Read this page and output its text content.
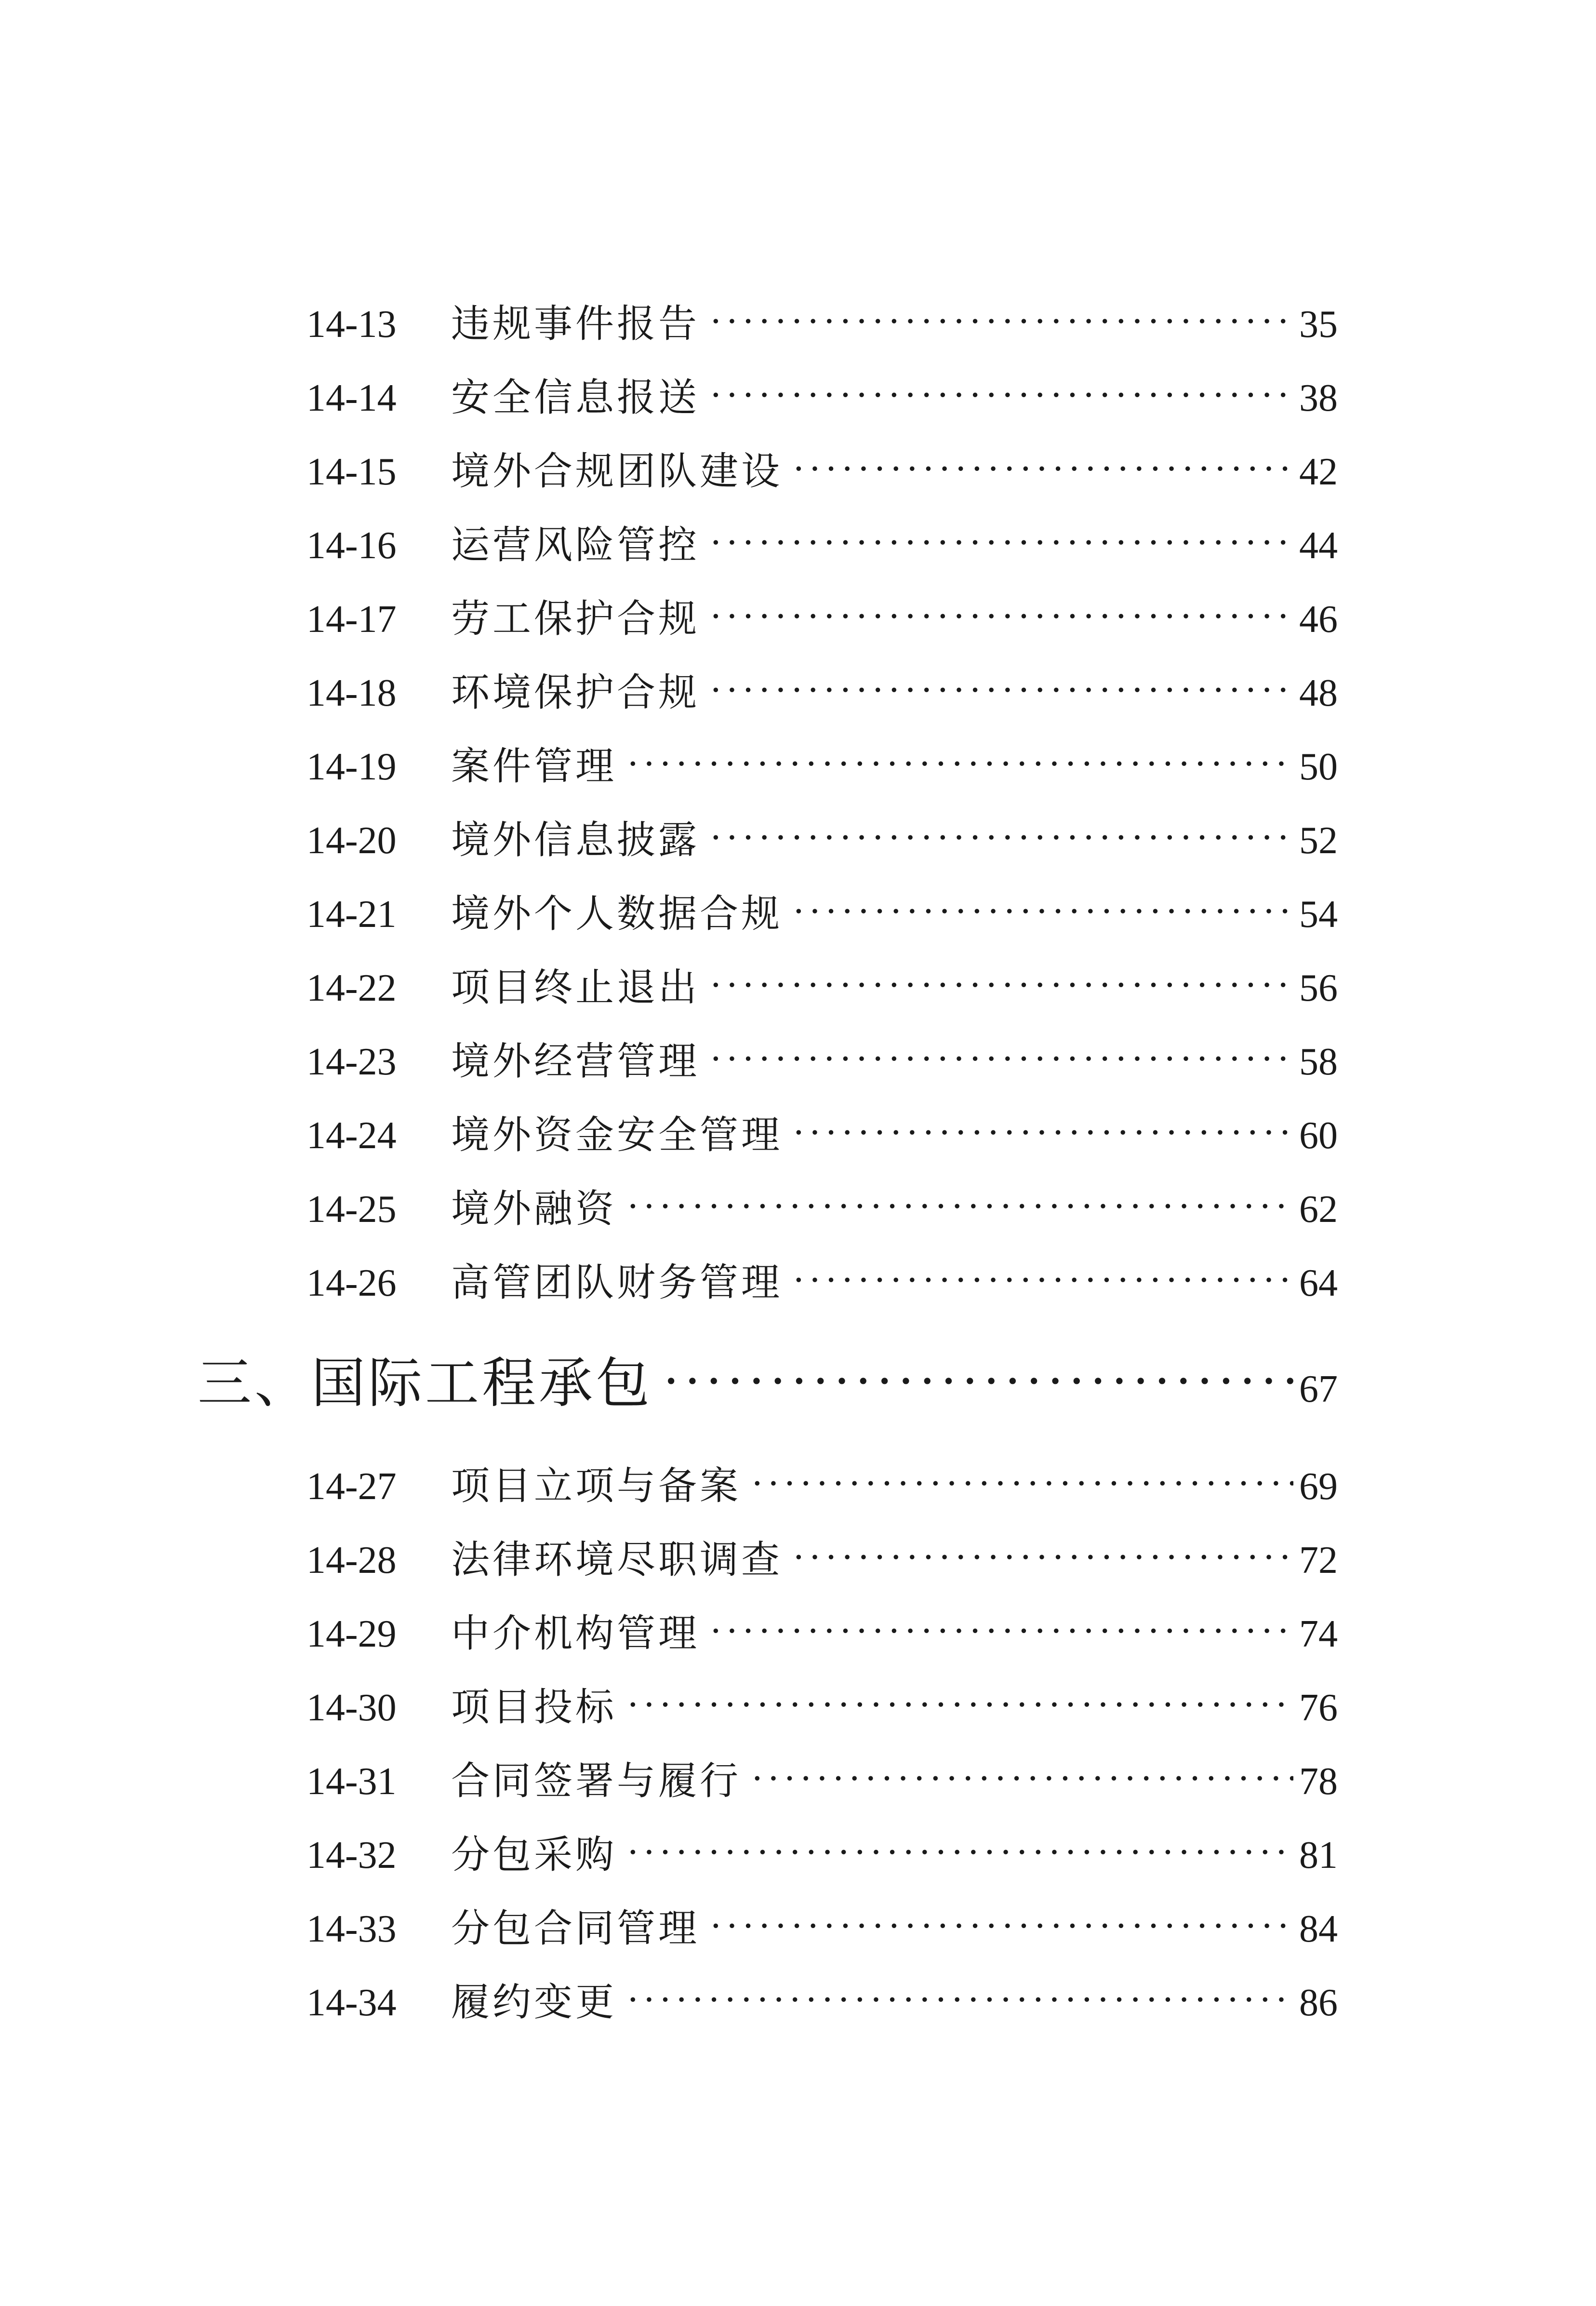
14-13	违规事件报告 ·····	35
14-14	安全信息报送 ·····	38
14-15	境外合规团队建设 ·····	42
14-16	运营风险管控 ·····	44
14-17	劳工保护合规 ·····	46
14-18	环境保护合规 ·····	48
14-19	案件管理 ·····	50
14-20	境外信息披露 ·····	52
14-21	境外个人数据合规 ·····	54
14-22	项目终止退出 ·····	56
14-23	境外经营管理 ·····	58
14-24	境外资金安全管理 ·····	60
14-25	境外融资 ·····	62
14-26	高管团队财务管理 ·····	64
三、国际工程承包 ·····	67
14-27	项目立项与备案 ·····	69
14-28	法律环境尽职调查 ·····	72
14-29	中介机构管理 ·····	74
14-30	项目投标 ·····	76
14-31	合同签署与履行 ·····	78
14-32	分包采购 ·····	81
14-33	分包合同管理 ·····	84
14-34	履约变更 ·····	86
